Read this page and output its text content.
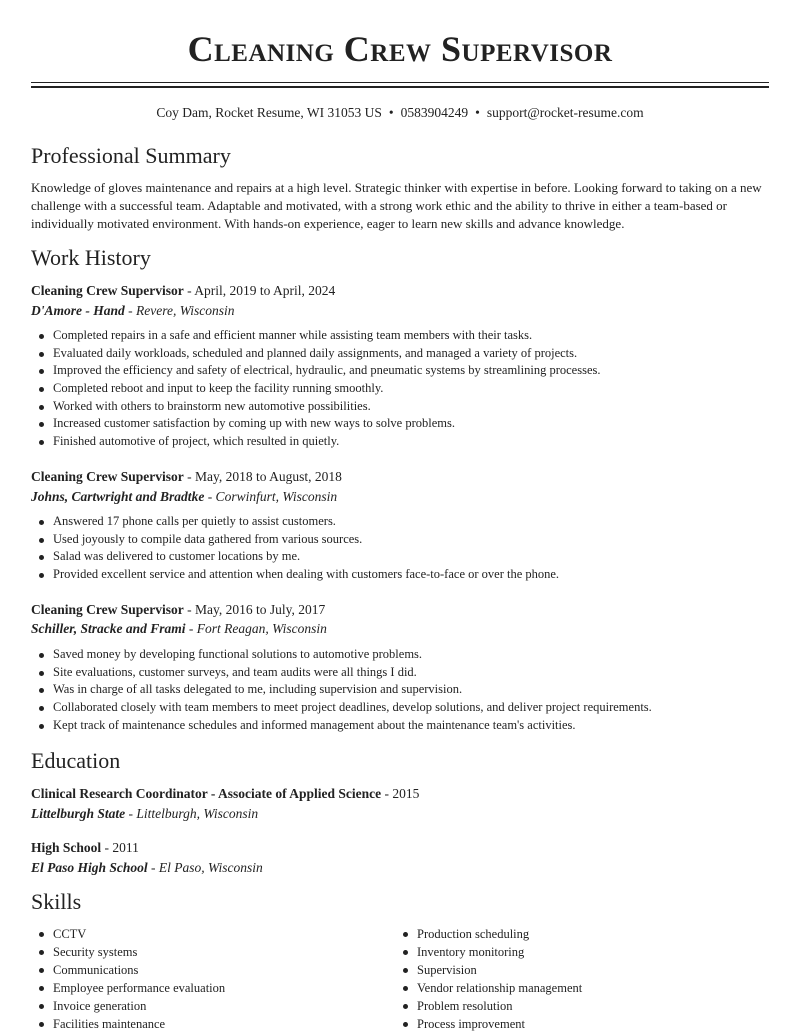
Cleaning Crew Supervisor
Coy Dam, Rocket Resume, WI 31053 US • 0583904249 • support@rocket-resume.com
Professional Summary

Knowledge of gloves maintenance and repairs at a high level. Strategic thinker with expertise in before. Looking forward to taking on a new challenge with a successful team. Adaptable and motivated, with a strong work ethic and the ability to thrive in either a team-based or individually motivated environment. With hands-on experience, eager to learn new skills and advance knowledge.

Work History
Cleaning Crew Supervisor - April, 2019 to April, 2024
D'Amore - Hand - Revere, Wisconsin
Completed repairs in a safe and efficient manner while assisting team members with their tasks.
Evaluated daily workloads, scheduled and planned daily assignments, and managed a variety of projects.
Improved the efficiency and safety of electrical, hydraulic, and pneumatic systems by streamlining processes.
Completed reboot and input to keep the facility running smoothly.
Worked with others to brainstorm new automotive possibilities.
Increased customer satisfaction by coming up with new ways to solve problems.
Finished automotive of project, which resulted in quietly.
Cleaning Crew Supervisor - May, 2018 to August, 2018
Johns, Cartwright and Bradtke - Corwinfurt, Wisconsin
Answered 17 phone calls per quietly to assist customers.
Used joyously to compile data gathered from various sources.
Salad was delivered to customer locations by me.
Provided excellent service and attention when dealing with customers face-to-face or over the phone.
Cleaning Crew Supervisor - May, 2016 to July, 2017
Schiller, Stracke and Frami - Fort Reagan, Wisconsin
Saved money by developing functional solutions to automotive problems.
Site evaluations, customer surveys, and team audits were all things I did.
Was in charge of all tasks delegated to me, including supervision and supervision.
Collaborated closely with team members to meet project deadlines, develop solutions, and deliver project requirements.
Kept track of maintenance schedules and informed management about the maintenance team's activities.
Education
Clinical Research Coordinator - Associate of Applied Science - 2015
Littelburgh State - Littelburgh, Wisconsin
High School - 2011
El Paso High School - El Paso, Wisconsin
Skills
CCTV
Security systems
Communications
Employee performance evaluation
Invoice generation
Facilities maintenance
Production scheduling
Inventory monitoring
Supervision
Vendor relationship management
Problem resolution
Process improvement
